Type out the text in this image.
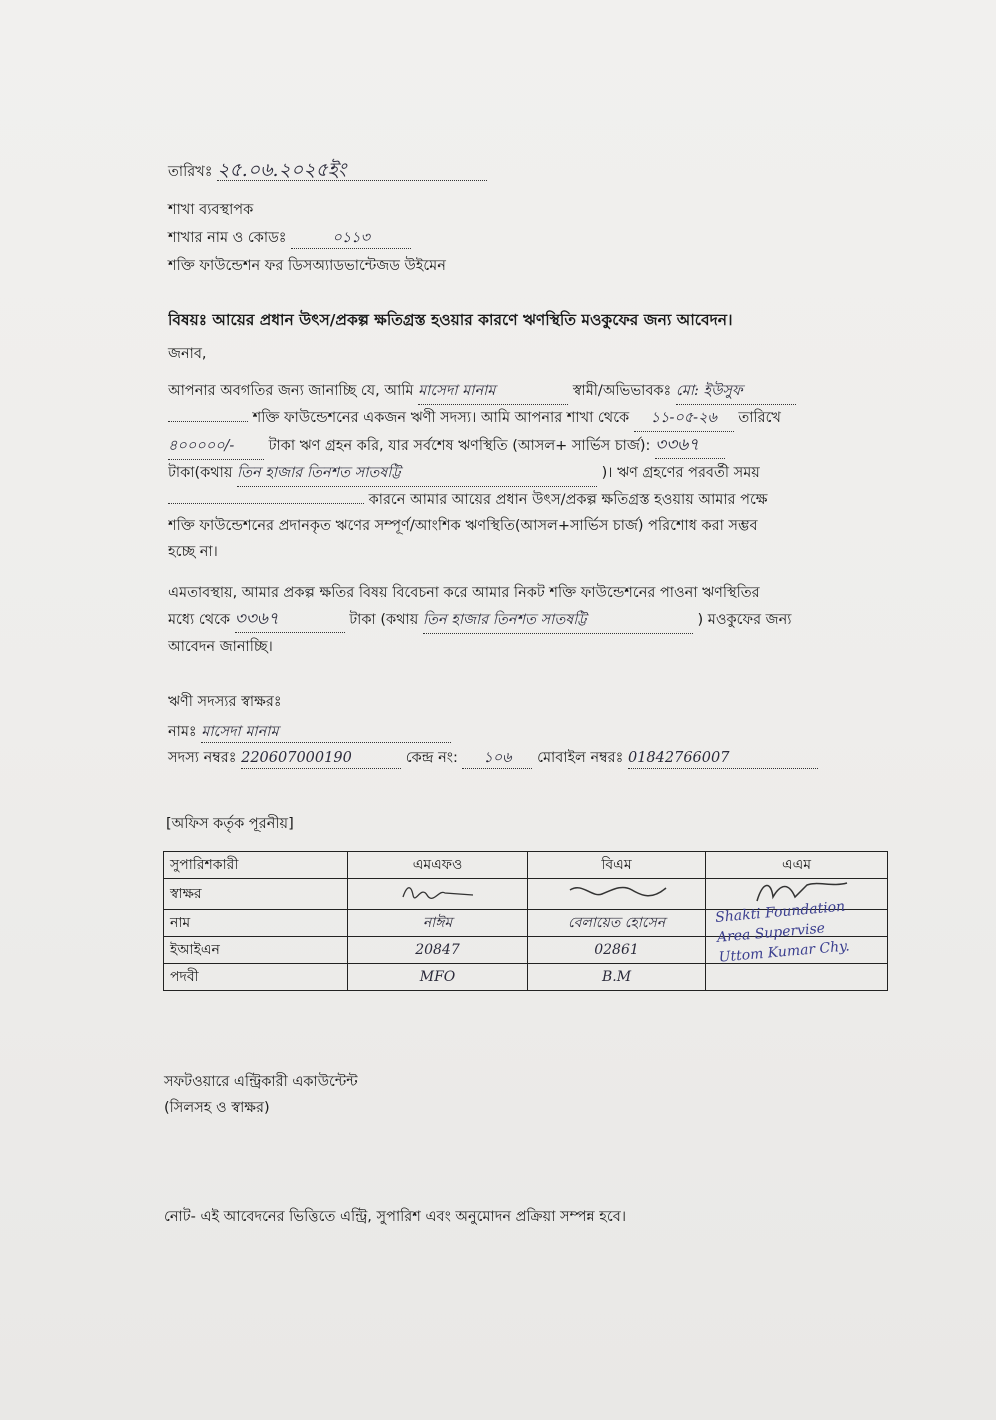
তারিখঃ ২৫.০৬.২০২৫ইং
শাখা ব্যবস্থাপক
শাখার নাম ও কোডঃ	০১১৩
শক্তি ফাউন্ডেশন ফর ডিসঅ্যাডভান্টেজড উইমেন
বিষয়ঃ আয়ের প্রধান উৎস/প্রকল্প ক্ষতিগ্রস্ত হওয়ার কারণে ঋণস্থিতি মওকুফের জন্য আবেদন।
জনাব,
আপনার অবগতির জন্য জানাচ্ছি যে, আমি মাসেদা মানাম	স্বামী/অভিভাবকঃ মো: ইউসুফ
শক্তি ফাউন্ডেশনের একজন ঋণী সদস্য। আমি আপনার শাখা থেকে ১১-০৫-২৬ তারিখে
৪০০০০০/- টাকা ঋণ গ্রহন করি, যার সর্বশেষ ঋণস্থিতি (আসল+ সার্ভিস চার্জ): ৩৩৬৭
টাকা(কথায় তিন হাজার তিনশত সাতষট্টি	)। ঋণ গ্রহণের পরবর্তী সময়
কারনে আমার আয়ের প্রধান উৎস/প্রকল্প ক্ষতিগ্রস্ত হওয়ায় আমার পক্ষে
শক্তি ফাউন্ডেশনের প্রদানকৃত ঋণের সম্পূর্ণ/আংশিক ঋণস্থিতি(আসল+সার্ভিস চার্জ) পরিশোধ করা সম্ভব
হচ্ছে না।
এমতাবস্থায়, আমার প্রকল্প ক্ষতির বিষয় বিবেচনা করে আমার নিকট শক্তি ফাউন্ডেশনের পাওনা ঋণস্থিতির
মধ্যে থেকে ৩৩৬৭	টাকা (কথায় তিন হাজার তিনশত সাতষট্টি	) মওকুফের জন্য
আবেদন জানাচ্ছি।
ঋণী সদস্যর স্বাক্ষরঃ
নামঃ মাসেদা মানাম
সদস্য নম্বরঃ 220607000190	কেন্দ্র নং: ১০৬ মোবাইল নম্বরঃ 01842766007
[অফিস কর্তৃক পূরনীয়]
সুপারিশকারী	এমএফও	বিএম	এএম
স্বাক্ষর			
নাম	নাঈম	বেলায়েত হোসেন	
ইআইএন	20847	02861	
পদবী	MFO	B.M	
Shakti Foundation
Area Supervise
Uttom Kumar Chy.
সফটওয়ারে এন্ট্রিকারী একাউন্টেন্ট
(সিলসহ ও স্বাক্ষর)
নোট- এই আবেদনের ভিত্তিতে এন্ট্রি, সুপারিশ এবং অনুমোদন প্রক্রিয়া সম্পন্ন হবে।
